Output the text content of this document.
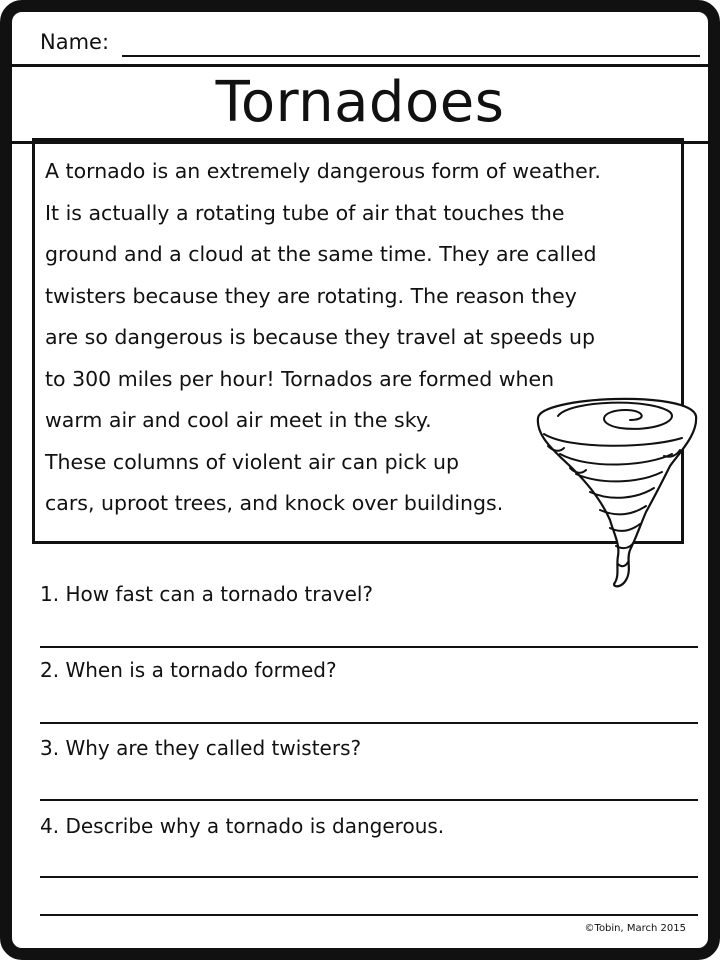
Name:
Tornadoes
A tornado is an extremely dangerous form of weather.
It is actually a rotating tube of air that touches the
ground and a cloud at the same time. They are called
twisters because they are rotating. The reason they
are so dangerous is because they travel at speeds up
to 300 miles per hour! Tornados are formed when
warm air and cool air meet in the sky.
These columns of violent air can pick up
cars, uproot trees, and knock over buildings.
1. How fast can a tornado travel?
2. When is a tornado formed?
3. Why are they called twisters?
4. Describe why a tornado is dangerous.
©Tobin, March 2015
